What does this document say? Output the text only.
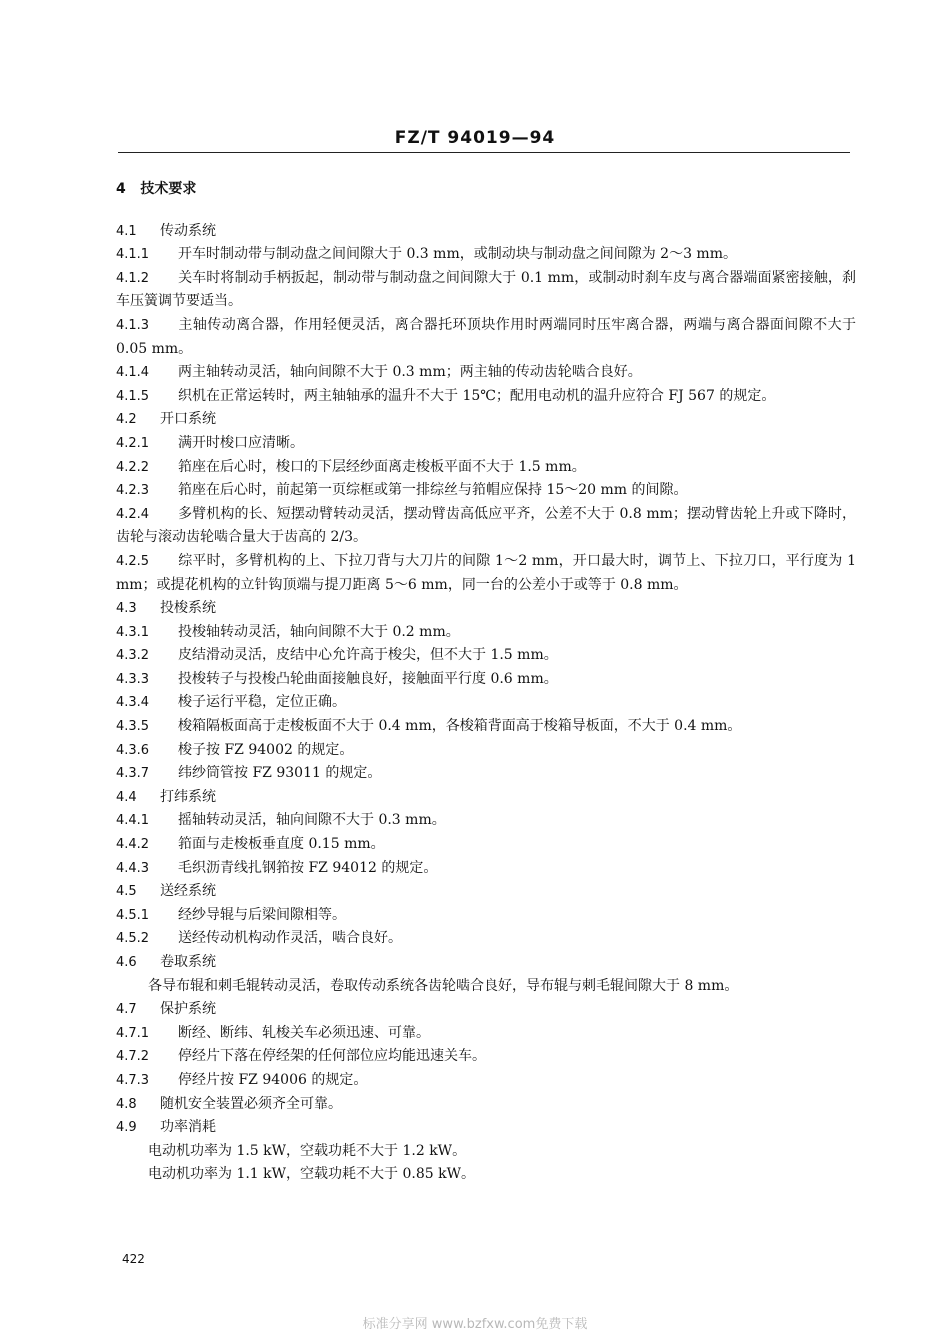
FZ/T 94019—94

4 技术要求

4.1 传动系统

4.1.1 开车时制动带与制动盘之间间隙大于 0.3 mm，或制动块与制动盘之间间隙为 2～3 mm。

4.1.2 关车时将制动手柄扳起，制动带与制动盘之间间隙大于 0.1 mm，或制动时刹车皮与离合器端面紧密接触，刹车压簧调节要适当。

4.1.3 主轴传动离合器，作用轻便灵活，离合器托环顶块作用时两端同时压牢离合器，两端与离合器面间隙不大于 0.05 mm。

4.1.4 两主轴转动灵活，轴向间隙不大于 0.3 mm；两主轴的传动齿轮啮合良好。

4.1.5 织机在正常运转时，两主轴轴承的温升不大于 15℃；配用电动机的温升应符合 FJ 567 的规定。

4.2 开口系统

4.2.1 满开时梭口应清晰。

4.2.2 筘座在后心时，梭口的下层经纱面离走梭板平面不大于 1.5 mm。

4.2.3 筘座在后心时，前起第一页综框或第一排综丝与筘帽应保持 15～20 mm 的间隙。

4.2.4 多臂机构的长、短摆动臂转动灵活，摆动臂齿高低应平齐，公差不大于 0.8 mm；摆动臂齿轮上升或下降时，齿轮与滚动齿轮啮合量大于齿高的 2/3。

4.2.5 综平时，多臂机构的上、下拉刀背与大刀片的间隙 1～2 mm，开口最大时，调节上、下拉刀口，平行度为 1 mm；或提花机构的立针钩顶端与提刀距离 5～6 mm，同一台的公差小于或等于 0.8 mm。

4.3 投梭系统

4.3.1 投梭轴转动灵活，轴向间隙不大于 0.2 mm。

4.3.2 皮结滑动灵活，皮结中心允许高于梭尖，但不大于 1.5 mm。

4.3.3 投梭转子与投梭凸轮曲面接触良好，接触面平行度 0.6 mm。

4.3.4 梭子运行平稳，定位正确。

4.3.5 梭箱隔板面高于走梭板面不大于 0.4 mm，各梭箱背面高于梭箱导板面，不大于 0.4 mm。

4.3.6 梭子按 FZ 94002 的规定。

4.3.7 纬纱筒管按 FZ 93011 的规定。

4.4 打纬系统

4.4.1 摇轴转动灵活，轴向间隙不大于 0.3 mm。

4.4.2 筘面与走梭板垂直度 0.15 mm。

4.4.3 毛织沥青线扎钢筘按 FZ 94012 的规定。

4.5 送经系统

4.5.1 经纱导辊与后梁间隙相等。

4.5.2 送经传动机构动作灵活，啮合良好。

4.6 卷取系统

各导布辊和刺毛辊转动灵活，卷取传动系统各齿轮啮合良好，导布辊与刺毛辊间隙大于 8 mm。

4.7 保护系统

4.7.1 断经、断纬、轧梭关车必须迅速、可靠。

4.7.2 停经片下落在停经架的任何部位应均能迅速关车。

4.7.3 停经片按 FZ 94006 的规定。

4.8 随机安全装置必须齐全可靠。

4.9 功率消耗

电动机功率为 1.5 kW，空载功耗不大于 1.2 kW。

电动机功率为 1.1 kW，空载功耗不大于 0.85 kW。

422
标准分享网 www.bzfxw.com免费下载
